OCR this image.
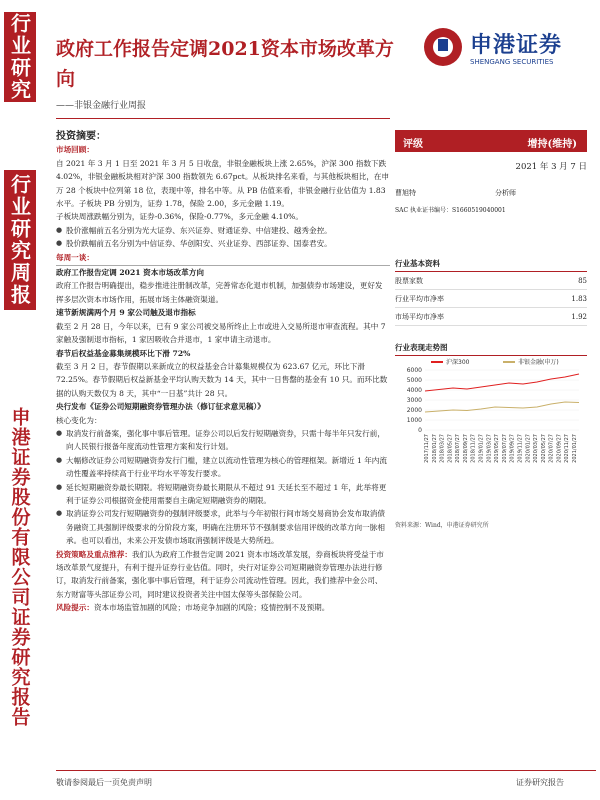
行业研究
行业研究周报
申港证券股份有限公司证券研究报告
政府工作报告定调2021资本市场改革方向
——非银金融行业周报
申港证券
SHENGANG SECURITIES

投资摘要：

市场回顾：

自 2021 年 3 月 1 日至 2021 年 3 月 5 日收盘，非银金融板块上涨 2.65%，沪深 300 指数下跌 4.02%，非银金融板块相对沪深 300 指数领先 6.67pct。从板块排名来看，与其他板块相比，在申万 28 个板块中位列第 18 位，表现中等，排名中等。从 PB 估值来看，非银金融行业估值为 1.83 水平。子板块 PB 分别为，证券 1.78，保险 2.00，多元金融 1.19。

子板块周涨跌幅分别为，证券-0.36%，保险-0.77%，多元金融 4.10%。

● 股价涨幅前五名分别为光大证券、东兴证券、财通证券、中信建投、越秀金控。

● 股价跌幅前五名分别为中信证券、华创阳安、兴业证券、西部证券、国泰君安。

每周一谈：

政府工作报告定调 2021 资本市场改革方向

政府工作报告明确提出，稳步推进注册制改革，完善常态化退市机制，加强债券市场建设，更好发挥多层次资本市场作用，拓展市场主体融资渠道。

速节新规满两个月 9 家公司触及退市指标

截至 2 月 28 日，今年以来，已有 9 家公司被交易所终止上市或进入交易所退市审查流程。其中 7 家触及强制退市指标，1 家因吸收合并退市，1 家申请主动退市。

春节后权益基金募集规模环比下滑 72%

截至 3 月 2 日，春节假期以来新成立的权益基金合计募集规模仅为 623.67 亿元，环比下滑 72.25%。春节假期后权益新基金平均认购天数为 14 天，其中一日售罄的基金有 10 只。而环比数据的认购天数仅为 8 天，其中“一日基”共计 28 只。

央行发布《证券公司短期融资券管理办法（修订征求意见稿）》

核心变化为：

● 取消发行前备案，强化事中事后管理。证券公司以后发行短期融资券，只需十每半年只发行前，向人民银行报备年度流动性管理方案和发行计划。

● 大幅修改证券公司短期融资券发行门槛，建立以流动性管理为核心的管理框架。新增近 1 年内流动性覆盖率持续高于行业平均水平等发行要求。

● 延长短期融资券最长期限。将短期融资券最长期限从不超过 91 天延长至不超过 1 年，此举将更利于证券公司根据资金使用需要自主确定短期融资券的期限。

● 取消证券公司发行短期融资券的强制评级要求，此举与今年初银行间市场交易商协会发布取消债务融资工具强制评级要求的分阶段方案，明确在注册环节不强制要求信用评级的改革方向一脉相承。也可以看出，未来公开发债市场取消强制评级是大势所趋。

投资策略及重点推荐：我们认为政府工作报告定调 2021 资本市场改革发展，券商板块将受益于市场改革景气度提升，有利于提升证券行业估值。同时，央行对证券公司短期融资券管理办法进行修订，取消发行前备案，强化事中事后管理，利于证券公司流动性管理。因此，我们推荐中金公司、东方财富等头部证券公司，同时建议投资者关注中国太保等头部保险公司。

风险提示：资本市场监管加剧的风险；市场竞争加剧的风险；疫情控制不及预期。

评级	增持(维持)
2021 年 3 月 7 日
曹旭特	分析师
SAC 执业证书编号：S1660519040001
行业基本资料
股票家数	85
行业平均市净率	1.83
市场平均市净率	1.92
行业表现走势图
6000
5000
4000
3000
2000
1000
0
2017/11/27 2018/01/27 2018/03/27 2018/05/27 2018/07/27 2018/09/27 2018/11/27 2019/01/27 2019/03/27 2019/05/27 2019/07/27 2019/09/27 2019/11/27 2020/01/27 2020/03/27 2020/05/27 2020/07/27 2020/09/27 2020/11/27 2021/01/27
沪深300	非银金融(申万)
资料来源：Wind，申港证券研究所
敬请参阅最后一页免责声明	证券研究报告
